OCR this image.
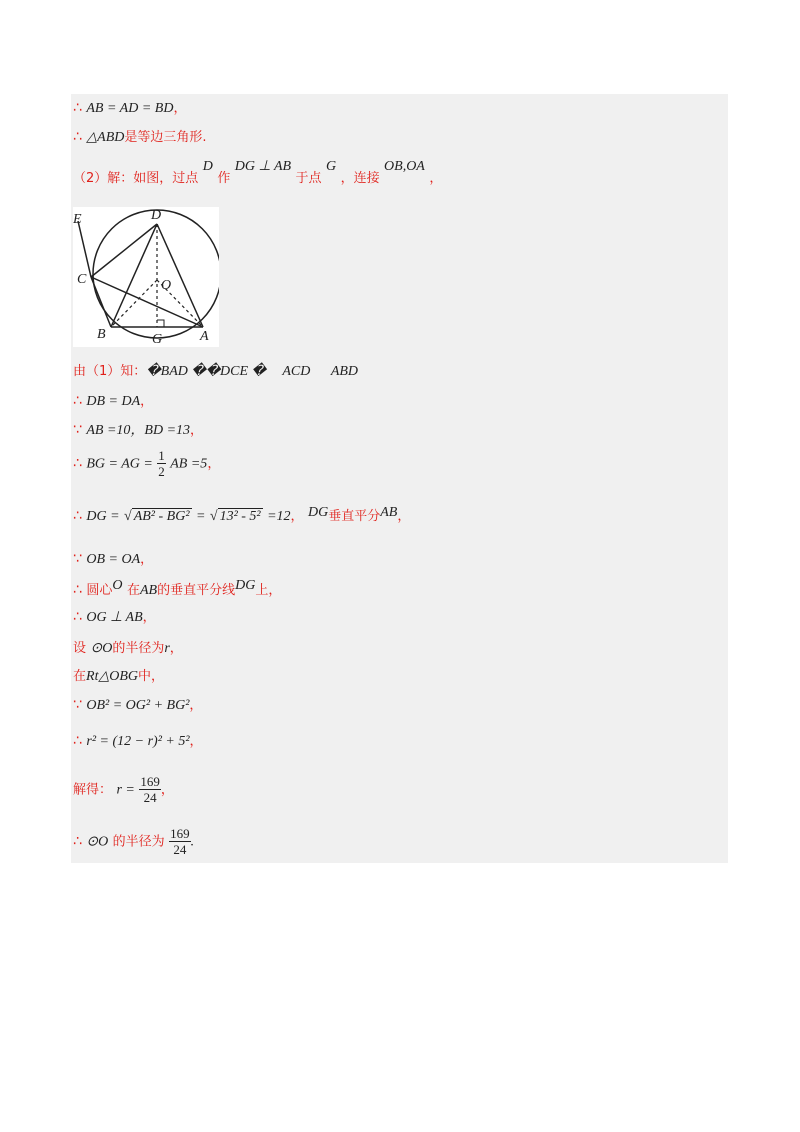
∴ AB = AD = BD，
∴ △ABD是等边三角形.
（2）解：如图，过点 D 作 DG ⊥ AB 于点 G ，连接 OB,OA ，
E	D
C	O
B	G	A
由（1）知：�BAD ��DCE � ACD ABD
∴ DB = DA，
∵ AB =10，BD =13，
∴ BG = AG = $\frac{1}{2}$ AB =5，
∴ DG = √ AB² - BG² = √ 13² - 5² =12， DG垂直平分AB，
∵ OB = OA，
∴ 圆心O 在AB的垂直平分线DG上，
∴ OG ⊥ AB，
设 ⊙O的半径为r，
在Rt△OBG中，
∵ OB² = OG² + BG²，
∴ r² = (12 − r)² + 5²，
解得： $r = \frac{169}{24}$ ，
∴ ⊙O 的半径为 $\frac{169}{24}$ .
